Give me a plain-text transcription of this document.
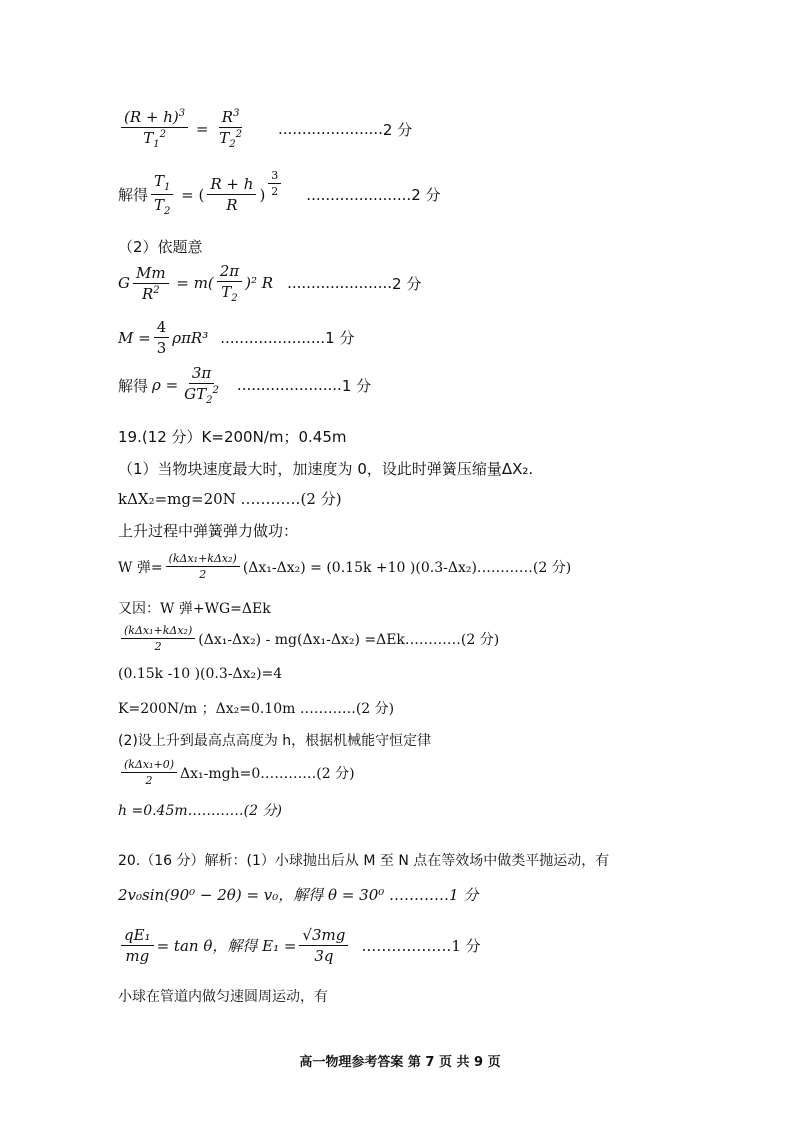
$\frac{(R + h)^3}{T_1^2} = \frac{R^3}{T_2^2}$ ...................... 2 分
解得 $\frac{T_1}{T_2}$ = ( $\frac{R + h}{R}$ ) $\frac{3}{2}$ ...................... 2 分
（2）依题意
G $\frac{Mm}{R^2} = m( \frac{2\pi}{T_2} )^2$ R ...................... 2 分
$M = \frac{4}{3} \rho\pi R^3$ ...................... 1 分
解得 $\rho = \frac{3\pi}{GT_2^2}$ ...................... 1 分
19.(12 分）K=200N/m；0.45m
（1）当物块速度最大时，加速度为 0，设此时弹簧压缩量ΔX₂.
kΔX₂=mg=20N …………(2 分)
上升过程中弹簧弹力做功：
W 弹= $\frac{\text{(kΔx₁+kΔx₂)}}{2} (\Delta x_1-\Delta x_2) = (0.15k +10$ )(0.3-Δx₂)…………(2 分)
又因：W 弹+WG=ΔEk
$\frac{\text{(kΔx₁+kΔx₂)}}{2} (\Delta x_1-\Delta x_2) - mg(\Delta x_1-\Delta x_2)$ =ΔEk…………(2 分)
(0.15k -10 )(0.3-Δx₂)=4
K=200N/m ；Δx₂=0.10m …………(2 分)
(2)设上升到最高点高度为 h，根据机械能守恒定律
$\frac{\text{(kΔx₁+0)}}{2}$ Δx₁-mgh=0…………(2 分)
h =0.45m…………(2 分)
20.（16 分）解析：(1）小球抛出后从 M 至 N 点在等效场中做类平抛运动，有
2v₀sin(90⁰ − 2θ) = v₀，解得 θ = 30⁰ …………1 分
$\frac{\text{qE₁}}{mg} = \tan \theta$，解得 $E_1 = \frac{√3mg}{3q}$ ………………1 分
小球在管道内做匀速圆周运动，有
高一物理参考答案 第 7 页 共 9 页
